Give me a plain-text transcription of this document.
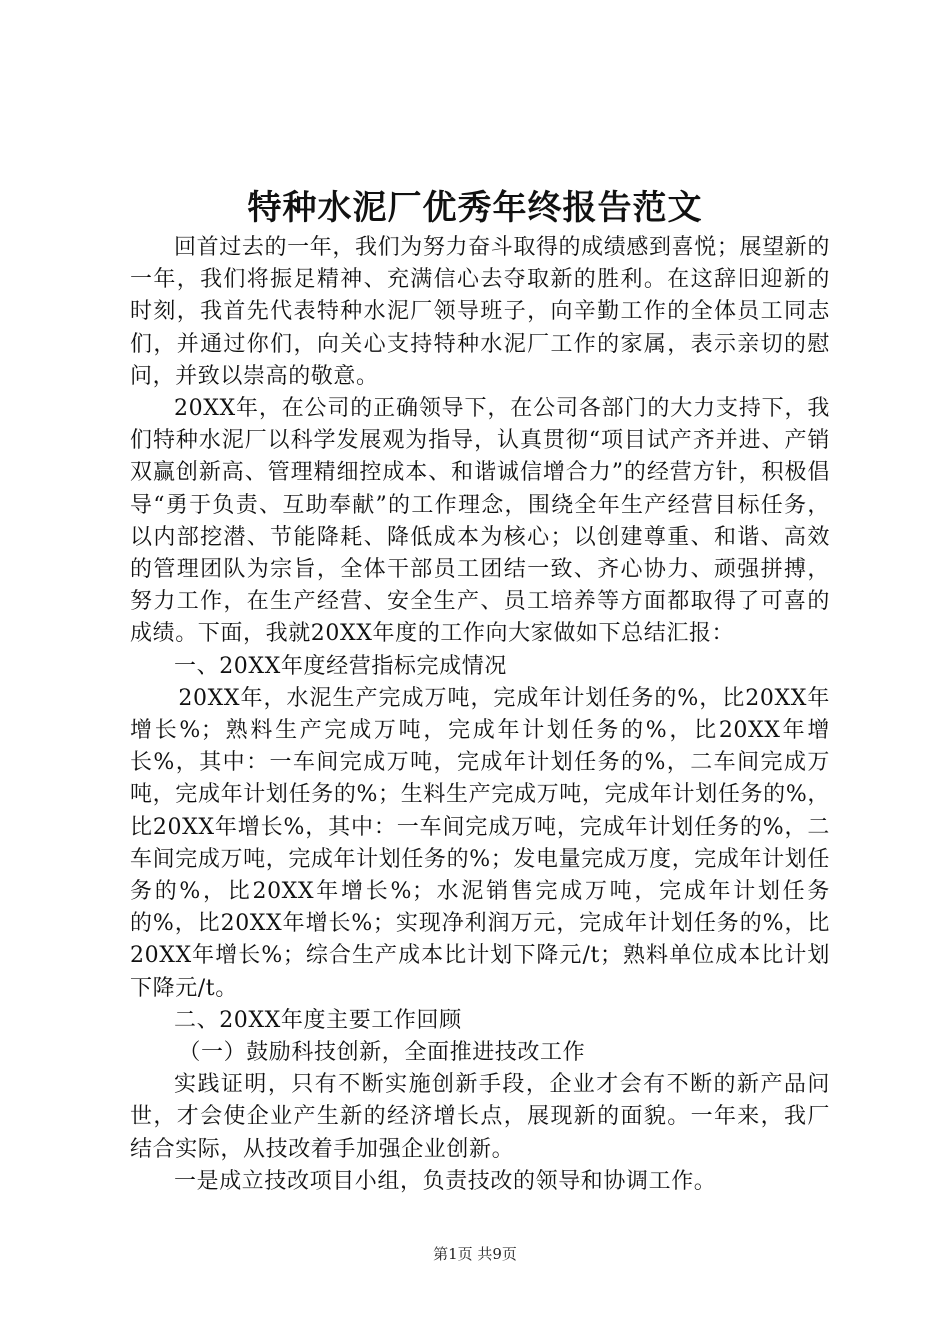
特种水泥厂优秀年终报告范文

回首过去的一年，我们为努力奋斗取得的成绩感到喜悦；展望新的一年，我们将振足精神、充满信心去夺取新的胜利。在这辞旧迎新的时刻，我首先代表特种水泥厂领导班子，向辛勤工作的全体员工同志们，并通过你们，向关心支持特种水泥厂工作的家属，表示亲切的慰问，并致以崇高的敬意。

20XX年，在公司的正确领导下，在公司各部门的大力支持下，我们特种水泥厂以科学发展观为指导，认真贯彻“项目试产齐并进、产销双赢创新高、管理精细控成本、和谐诚信增合力”的经营方针，积极倡导“勇于负责、互助奉献”的工作理念，围绕全年生产经营目标任务，以内部挖潜、节能降耗、降低成本为核心；以创建尊重、和谐、高效的管理团队为宗旨，全体干部员工团结一致、齐心协力、顽强拼搏，努力工作，在生产经营、安全生产、员工培养等方面都取得了可喜的成绩。下面，我就20XX年度的工作向大家做如下总结汇报：

一、20XX年度经营指标完成情况

20XX年，水泥生产完成万吨，完成年计划任务的%，比20XX年增长%；熟料生产完成万吨，完成年计划任务的%，比20XX年增长%，其中：一车间完成万吨，完成年计划任务的%，二车间完成万吨，完成年计划任务的%；生料生产完成万吨，完成年计划任务的%，比20XX年增长%，其中：一车间完成万吨，完成年计划任务的%，二车间完成万吨，完成年计划任务的%；发电量完成万度，完成年计划任务的%，比20XX年增长%；水泥销售完成万吨，完成年计划任务的%，比20XX年增长%；实现净利润万元，完成年计划任务的%，比20XX年增长%；综合生产成本比计划下降元/t；熟料单位成本比计划下降元/t。

二、20XX年度主要工作回顾

（一）鼓励科技创新，全面推进技改工作

实践证明，只有不断实施创新手段，企业才会有不断的新产品问世，才会使企业产生新的经济增长点，展现新的面貌。一年来，我厂结合实际，从技改着手加强企业创新。

一是成立技改项目小组，负责技改的领导和协调工作。

第1页 共9页
